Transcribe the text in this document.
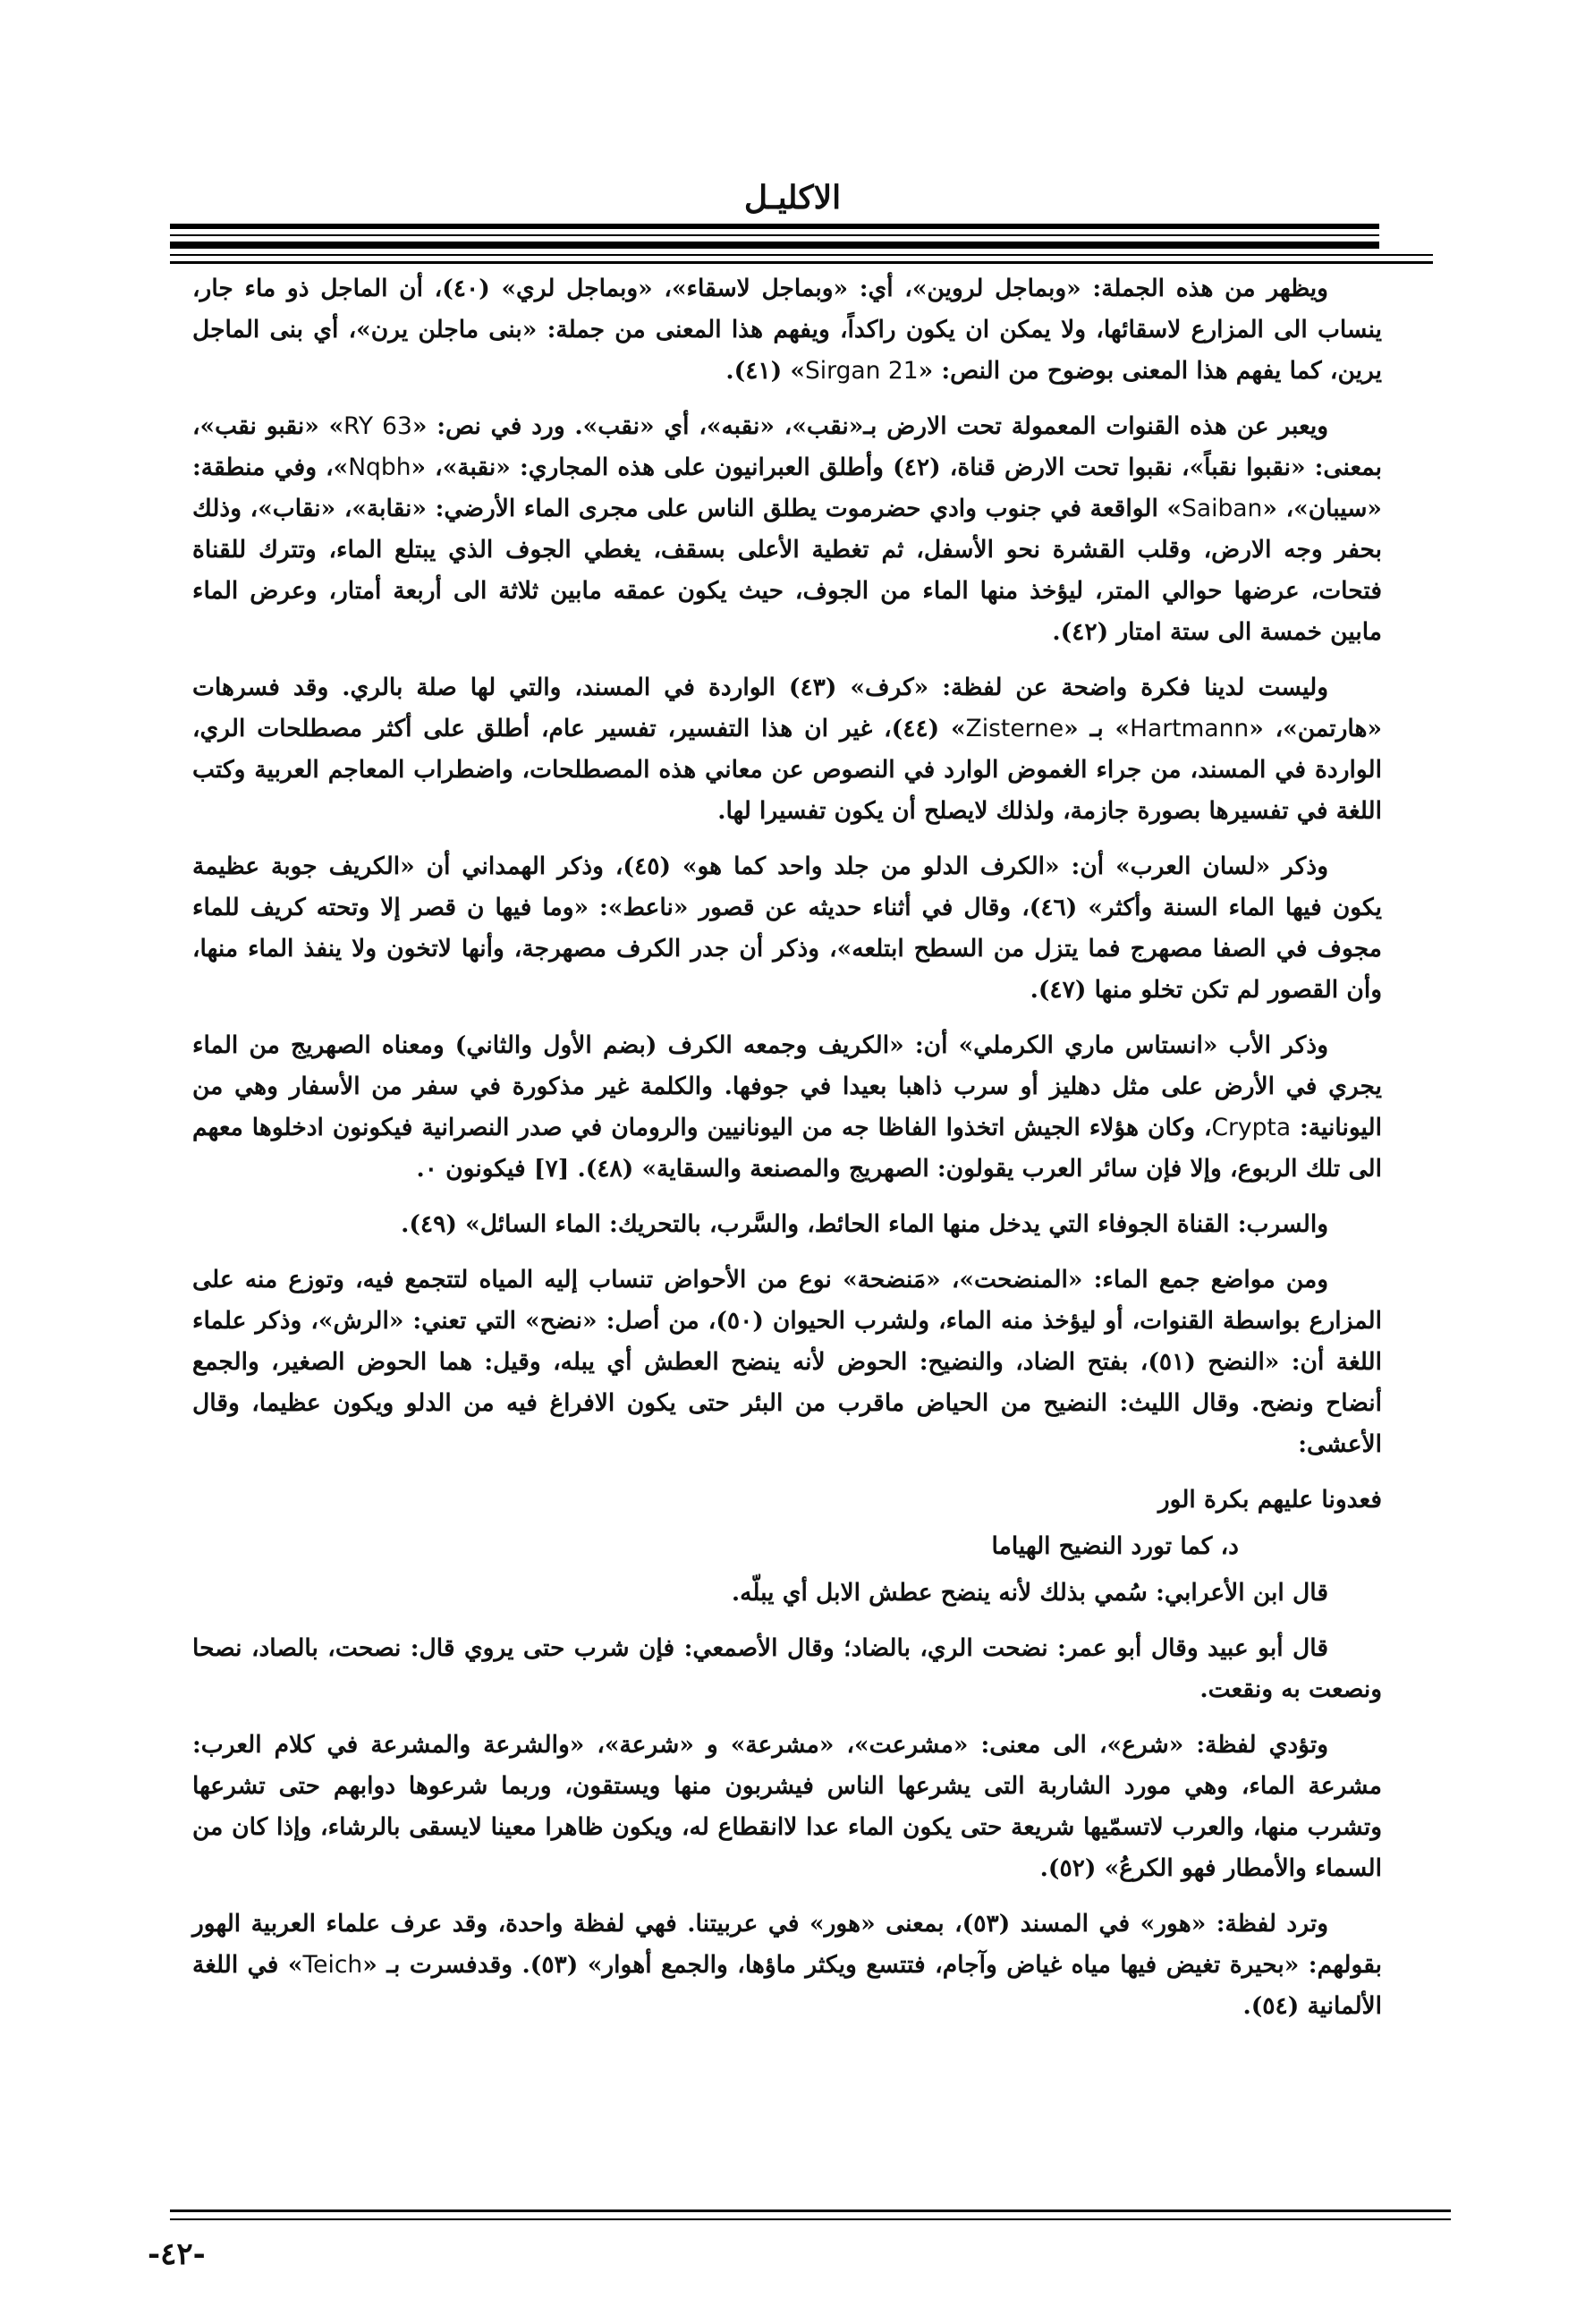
الاكليـل

ويظهر من هذه الجملة: «وبماجل لروين»، أي: «وبماجل لاسقاء»، «وبماجل لري» (٤٠)، أن الماجل ذو ماء جار، ينساب الى المزارع لاسقائها، ولا يمكن ان يكون راكداً، ويفهم هذا المعنى من جملة: «بنى ماجلن يرن»، أي بنى الماجل يرين، كما يفهم هذا المعنى بوضوح من النص: «Sirgan 21» (٤١).

ويعبر عن هذه القنوات المعمولة تحت الارض بـ«نقب»، «نقبه»، أي «نقب». ورد في نص: «RY 63» «نقبو نقب»، بمعنى: «نقبوا نقباً»، نقبوا تحت الارض قناة، (٤٢) وأطلق العبرانيون على هذه المجاري: «نقبة»، «Nqbh»، وفي منطقة: «سيبان»، «Saiban» الواقعة في جنوب وادي حضرموت يطلق الناس على مجرى الماء الأرضي: «نقابة»، «نقاب»، وذلك بحفر وجه الارض، وقلب القشرة نحو الأسفل، ثم تغطية الأعلى بسقف، يغطي الجوف الذي يبتلع الماء، وتترك للقناة فتحات، عرضها حوالي المتر، ليؤخذ منها الماء من الجوف، حيث يكون عمقه مابين ثلاثة الى أربعة أمتار، وعرض الماء مابين خمسة الى ستة امتار (٤٢).

وليست لدينا فكرة واضحة عن لفظة: «كرف» (٤٣) الواردة في المسند، والتي لها صلة بالري. وقد فسرهات «هارتمن»، «Hartmann» بـ «Zisterne» (٤٤)، غير ان هذا التفسير، تفسير عام، أطلق على أكثر مصطلحات الري، الواردة في المسند، من جراء الغموض الوارد في النصوص عن معاني هذه المصطلحات، واضطراب المعاجم العربية وكتب اللغة في تفسيرها بصورة جازمة، ولذلك لايصلح أن يكون تفسيرا لها.

وذكر «لسان العرب» أن: «الكرف الدلو من جلد واحد كما هو» (٤٥)، وذكر الهمداني أن «الكريف جوبة عظيمة يكون فيها الماء السنة وأكثر» (٤٦)، وقال في أثناء حديثه عن قصور «ناعط»: «وما فيها ن قصر إلا وتحته كريف للماء مجوف في الصفا مصهرج فما يتزل من السطح ابتلعه»، وذكر أن جدر الكرف مصهرجة، وأنها لاتخون ولا ينفذ الماء منها، وأن القصور لم تكن تخلو منها (٤٧).

وذكر الأب «انستاس ماري الكرملي» أن: «الكريف وجمعه الكرف (بضم الأول والثاني) ومعناه الصهريج من الماء يجري في الأرض على مثل دهليز أو سرب ذاهبا بعيدا في جوفها. والكلمة غير مذكورة في سفر من الأسفار وهي من اليونانية: Crypta، وكان هؤلاء الجيش اتخذوا الفاظا جه من اليونانيين والرومان في صدر النصرانية فيكونون ادخلوها معهم الى تلك الربوع، وإلا فإن سائر العرب يقولون: الصهريج والمصنعة والسقاية» (٤٨). [٧] فيكونون ٠.

والسرب: القناة الجوفاء التي يدخل منها الماء الحائط، والسَّرب، بالتحريك: الماء السائل» (٤٩).

ومن مواضع جمع الماء: «المنضحت»، «مَنضحة» نوع من الأحواض تنساب إليه المياه لتتجمع فيه، وتوزع منه على المزارع بواسطة القنوات، أو ليؤخذ منه الماء، ولشرب الحيوان (٥٠)، من أصل: «نضح» التي تعني: «الرش»، وذكر علماء اللغة أن: «النضح (٥١)، بفتح الضاد، والنضيح: الحوض لأنه ينضح العطش أي يبله، وقيل: هما الحوض الصغير، والجمع أنضاح ونضح. وقال الليث: النضيح من الحياض ماقرب من البئر حتى يكون الافراغ فيه من الدلو ويكون عظيما، وقال الأعشى:

فعدونا عليهم بكرة الور

د، كما تورد النضيح الهياما

قال ابن الأعرابي: سُمي بذلك لأنه ينضح عطش الابل أي يبلّه.

قال أبو عبيد وقال أبو عمر: نضحت الري، بالضاد؛ وقال الأصمعي: فإن شرب حتى يروي قال: نصحت، بالصاد، نصحا ونصعت به ونقعت.

وتؤدي لفظة: «شرع»، الى معنى: «مشرعت»، «مشرعة» و «شرعة»، «والشرعة والمشرعة في كلام العرب: مشرعة الماء، وهي مورد الشاربة التى يشرعها الناس فيشربون منها ويستقون، وربما شرعوها دوابهم حتى تشرعها وتشرب منها، والعرب لاتسمّيها شريعة حتى يكون الماء عدا لاانقطاع له، ويكون ظاهرا معينا لايسقى بالرشاء، وإذا كان من السماء والأمطار فهو الكرعُ» (٥٢).

وترد لفظة: «هور» في المسند (٥٣)، بمعنى «هور» في عربيتنا. فهي لفظة واحدة، وقد عرف علماء العربية الهور بقولهم: «بحيرة تغيض فيها مياه غياض وآجام، فتتسع ويكثر ماؤها، والجمع أهوار» (٥٣). وقدفسرت بـ «Teich» في اللغة الألمانية (٥٤).

-٤٢-
